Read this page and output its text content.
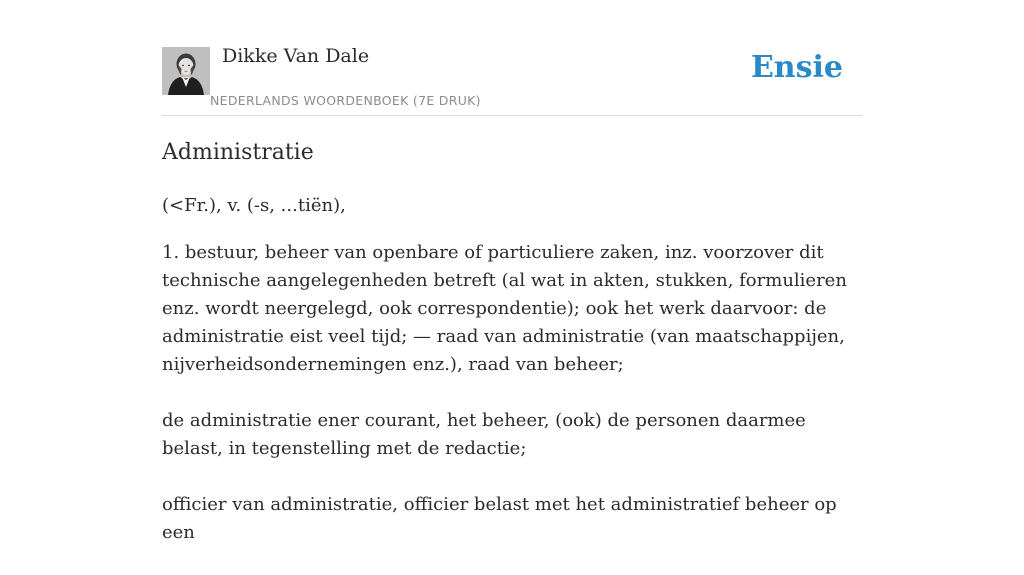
Dikke Van Dale
NEDERLANDS WOORDENBOEK (7E DRUK)
Ensie
Administratie

(<Fr.), v. (-s, ...tiën),

1. bestuur, beheer van openbare of particuliere zaken, inz. voorzover dit technische aangelegenheden betreft (al wat in akten, stukken, formulieren enz. wordt neergelegd, ook correspondentie); ook het werk daarvoor: de administratie eist veel tijd; — raad van administratie (van maatschappijen, nijverheidsondernemingen enz.), raad van beheer;

de administratie ener courant, het beheer, (ook) de personen daarmee belast, in tegenstelling met de redactie;

officier van administratie, officier belast met het administratief beheer op een
